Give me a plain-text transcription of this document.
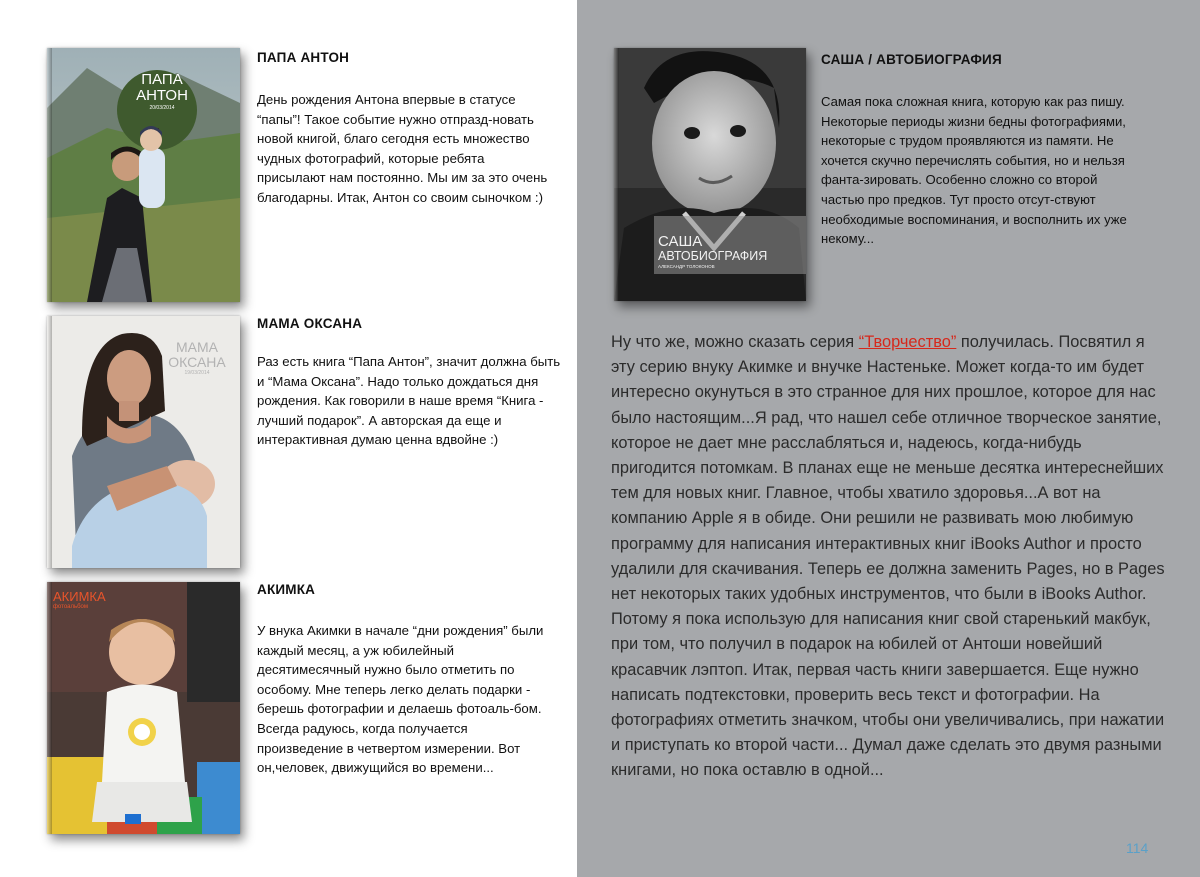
ПАПА
АНТОН
20/03/2014
ПАПА АНТОН
День рождения Антона впервые в статусе “папы”! Такое событие нужно отпразд-новать новой книгой, благо сегодня есть множество чудных фотографий, которые ребята присылают нам постоянно. Мы им за это очень благодарны. Итак, Антон со своим сыночком :)
МАМА
ОКСАНА
19/03/2014
МАМА ОКСАНА
Раз есть книга “Папа Антон”, значит должна быть и “Мама Оксана”. Надо только дождаться дня рождения. Как говорили в наше время “Книга - лучший подарок”. А авторская да еще и интерактивная думаю ценна вдвойне :)
АКИМКА
фотоальбом
АКИМКА
У внука Акимки в начале “дни рождения” были каждый месяц, а уж юбилейный десятимесячный нужно было отметить по особому. Мне теперь легко делать подарки - берешь фотографии и делаешь фотоаль-бом. Всегда радуюсь, когда получается произведение в четвертом измерении. Вот он,человек, движущийся во времени...
САША
АВТОБИОГРАФИЯ
АЛЕКСАНДР ТОЛОКОНОВ
САША / АВТОБИОГРАФИЯ
Самая пока сложная книга, которую как раз пишу. Некоторые периоды жизни бедны фотографиями, некоторые с трудом проявляются из памяти. Не хочется скучно перечислять события, но и нельзя фанта-зировать. Особенно сложно со второй частью про предков. Тут просто отсут-ствуют необходимые воспоминания, и восполнить их уже некому...
Ну что же, можно сказать серия “Творчество” получилась. Посвятил я эту серию внуку Акимке и внучке Настеньке. Может когда-то им будет интересно окунуться в это странное для них прошлое, которое для нас было настоящим...Я рад, что нашел себе отличное творческое занятие, которое не дает мне расслабляться и, надеюсь, когда-нибудь пригодится потомкам. В планах еще не меньше десятка интереснейших тем для новых книг. Главное, чтобы хватило здоровья...А вот на компанию Apple я в обиде. Они решили не развивать мою любимую программу для написания интерактивных книг iBooks Author и просто удалили для скачивания. Теперь ее должна заменить Pages, но в Pages нет некоторых таких удобных инструментов, что были в iBooks Author. Потому я пока использую для написания книг свой старенький макбук, при том, что получил в подарок на юбилей от Антоши новейший красавчик лэптоп. Итак, первая часть книги завершается. Еще нужно написать подтекстовки, проверить весь текст и фотографии. На фотографиях отметить значком, чтобы они увеличивались, при нажатии и приступать ко второй части... Думал даже сделать это двумя разными книгами, но пока оставлю в одной...
114
